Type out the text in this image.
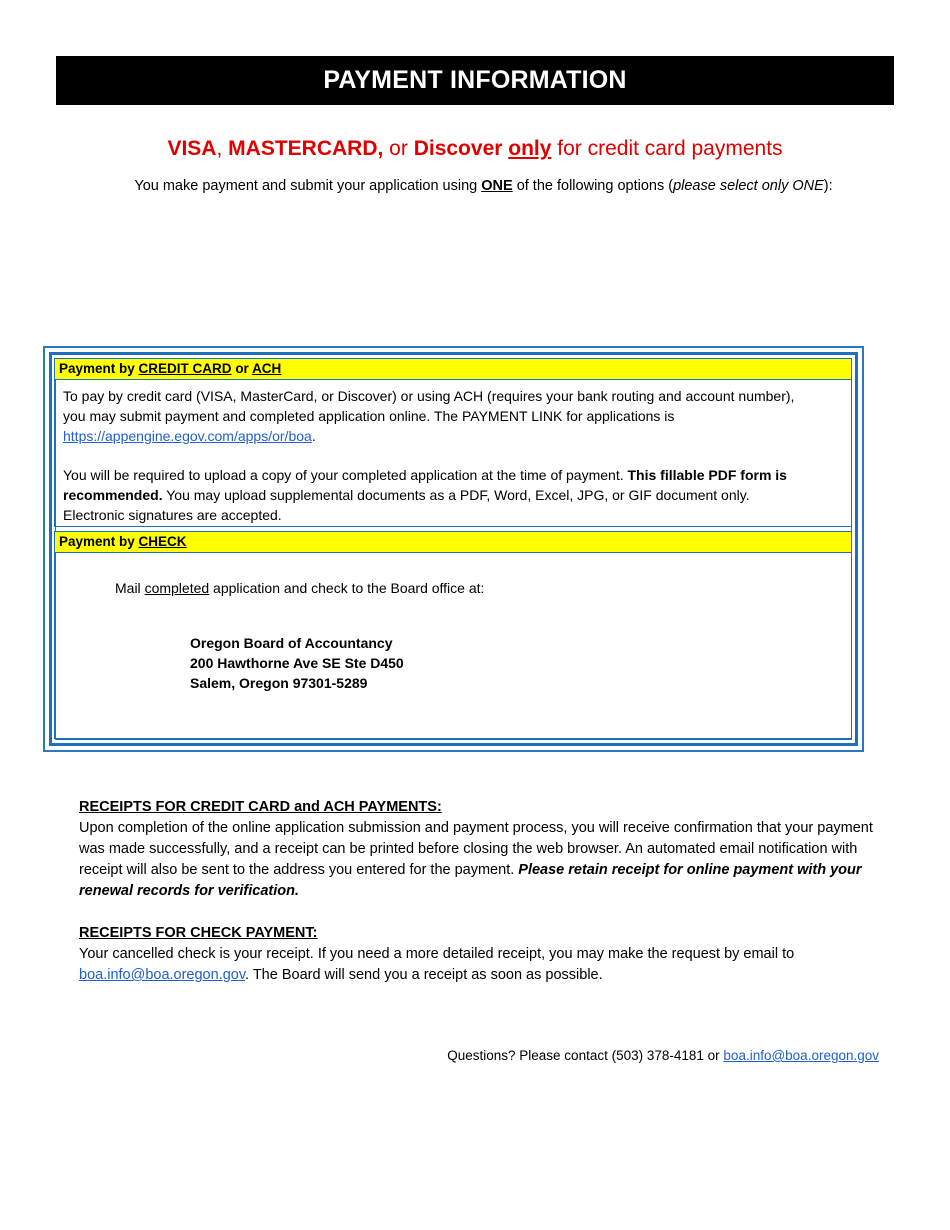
PAYMENT INFORMATION
VISA, MASTERCARD, or Discover only for credit card payments
You make payment and submit your application using ONE of the following options (please select only ONE):
Payment by CREDIT CARD or ACH

To pay by credit card (VISA, MasterCard, or Discover) or using ACH (requires your bank routing and account number), you may submit payment and completed application online. The PAYMENT LINK for applications is https://appengine.egov.com/apps/or/boa.

You will be required to upload a copy of your completed application at the time of payment. This fillable PDF form is recommended. You may upload supplemental documents as a PDF, Word, Excel, JPG, or GIF document only. Electronic signatures are accepted.

Payment by CHECK
Mail completed application and check to the Board office at:
Oregon Board of Accountancy
200 Hawthorne Ave SE Ste D450
Salem, Oregon 97301-5289

RECEIPTS FOR CREDIT CARD and ACH PAYMENTS:

Upon completion of the online application submission and payment process, you will receive confirmation that your payment was made successfully, and a receipt can be printed before closing the web browser. An automated email notification with receipt will also be sent to the address you entered for the payment. Please retain receipt for online payment with your renewal records for verification.

RECEIPTS FOR CHECK PAYMENT:

Your cancelled check is your receipt. If you need a more detailed receipt, you may make the request by email to boa.info@boa.oregon.gov. The Board will send you a receipt as soon as possible.

Questions? Please contact (503) 378-4181 or boa.info@boa.oregon.gov
